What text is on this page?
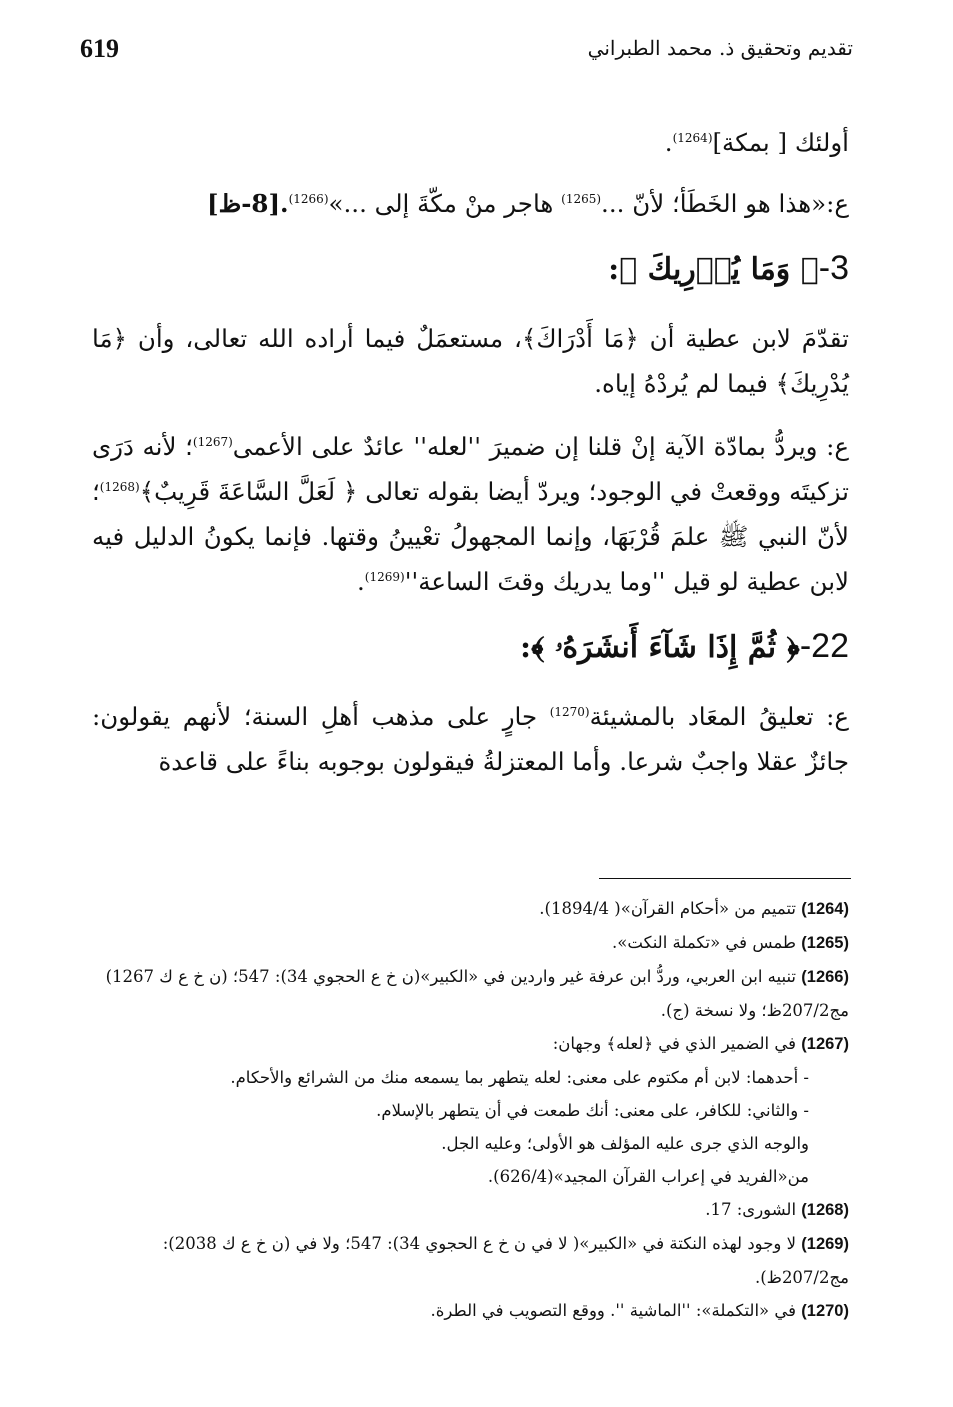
619	تقديم وتحقيق ذ. محمد الطبراني

أولئك [ بمكة]$^{(1264)}$.

ع:«هذا هو الخَطَأ؛ لأنّ ...$^{(1265)}$ هاجر منْ مكّةَ إلى ...»$^{(1266)}$.[8-ظ]

3-﴿ وَمَا يُدۡرِيكَ ﴾:

تقدّمَ لابن عطية أن ﴿مَا أَدْرَاكَ﴾، مستعمَلٌ فيما أراده الله تعالى، وأن ﴿مَا يُدْرِيكَ﴾ فيما لم يُردْهُ إياه.

ع: ويردُّ بمادّة الآية إنْ قلنا إن ضميرَ ''لعله'' عائدٌ على الأعمى$^{(1267)}$؛ لأنه دَرَى تزكيتَه ووقعتْ في الوجود؛ ويردّ أيضا بقوله تعالى ﴿ لَعَلَّ السَّاعَةَ قَرِيبٌ﴾$^{(1268)}$؛ لأنّ النبي ﷺ علمَ قُرْبَهَا، وإنما المجهولُ تعْيينُ وقتها. فإنما يكونُ الدليل فيه لابن عطية لو قيل ''وما يدريك وقتَ $الساعة''^{(1269)}$.

22-﴿ ثُمَّ إِذَا شَآءَ أَنشَرَهُۥ ﴾:

ع: تعليقُ المعَاد بالمشيئة$^{(1270)}$ جارٍ على مذهب أهلِ السنة؛ لأنهم يقولون: جائزٌ عقلا واجبٌ شرعا. وأما المعتزلةُ فيقولون بوجوبه بناءً على قاعدة

(1264) تتميم من «أحكام القرآن»( 1894/4).

(1265) طمس في «تكملة النكت».

(1266) تنبيه ابن العربي، وردُّ ابن عرفة غير واردين في «الكبير»(ن خ ع الحجوي 34): 547؛ (ن خ ع ك 1267) مج207/2ظ؛ ولا نسخة (ج).

(1267) في الضمير الذي في ﴿لعله﴾ وجهان:

- أحدهما: لابن أم مكتوم على معنى: لعله يتطهر بما يسمعه منك من الشرائع والأحكام.

- والثاني: للكافر، على معنى: أنك طمعت في أن يتطهر بالإسلام.

والوجه الذي جرى عليه المؤلف هو الأولى؛ وعليه الجل.

من«الفريد في إعراب القرآن المجيد»(626/4).

(1268) الشورى: 17.

(1269) لا وجود لهذه النكتة في «الكبير»( لا في ن خ ع الحجوي 34): 547؛ ولا في (ن خ ع ك 2038): مج207/2ظ).

(1270) في «التكملة»: ''الماشية ''. ووقع التصويب في الطرة.
